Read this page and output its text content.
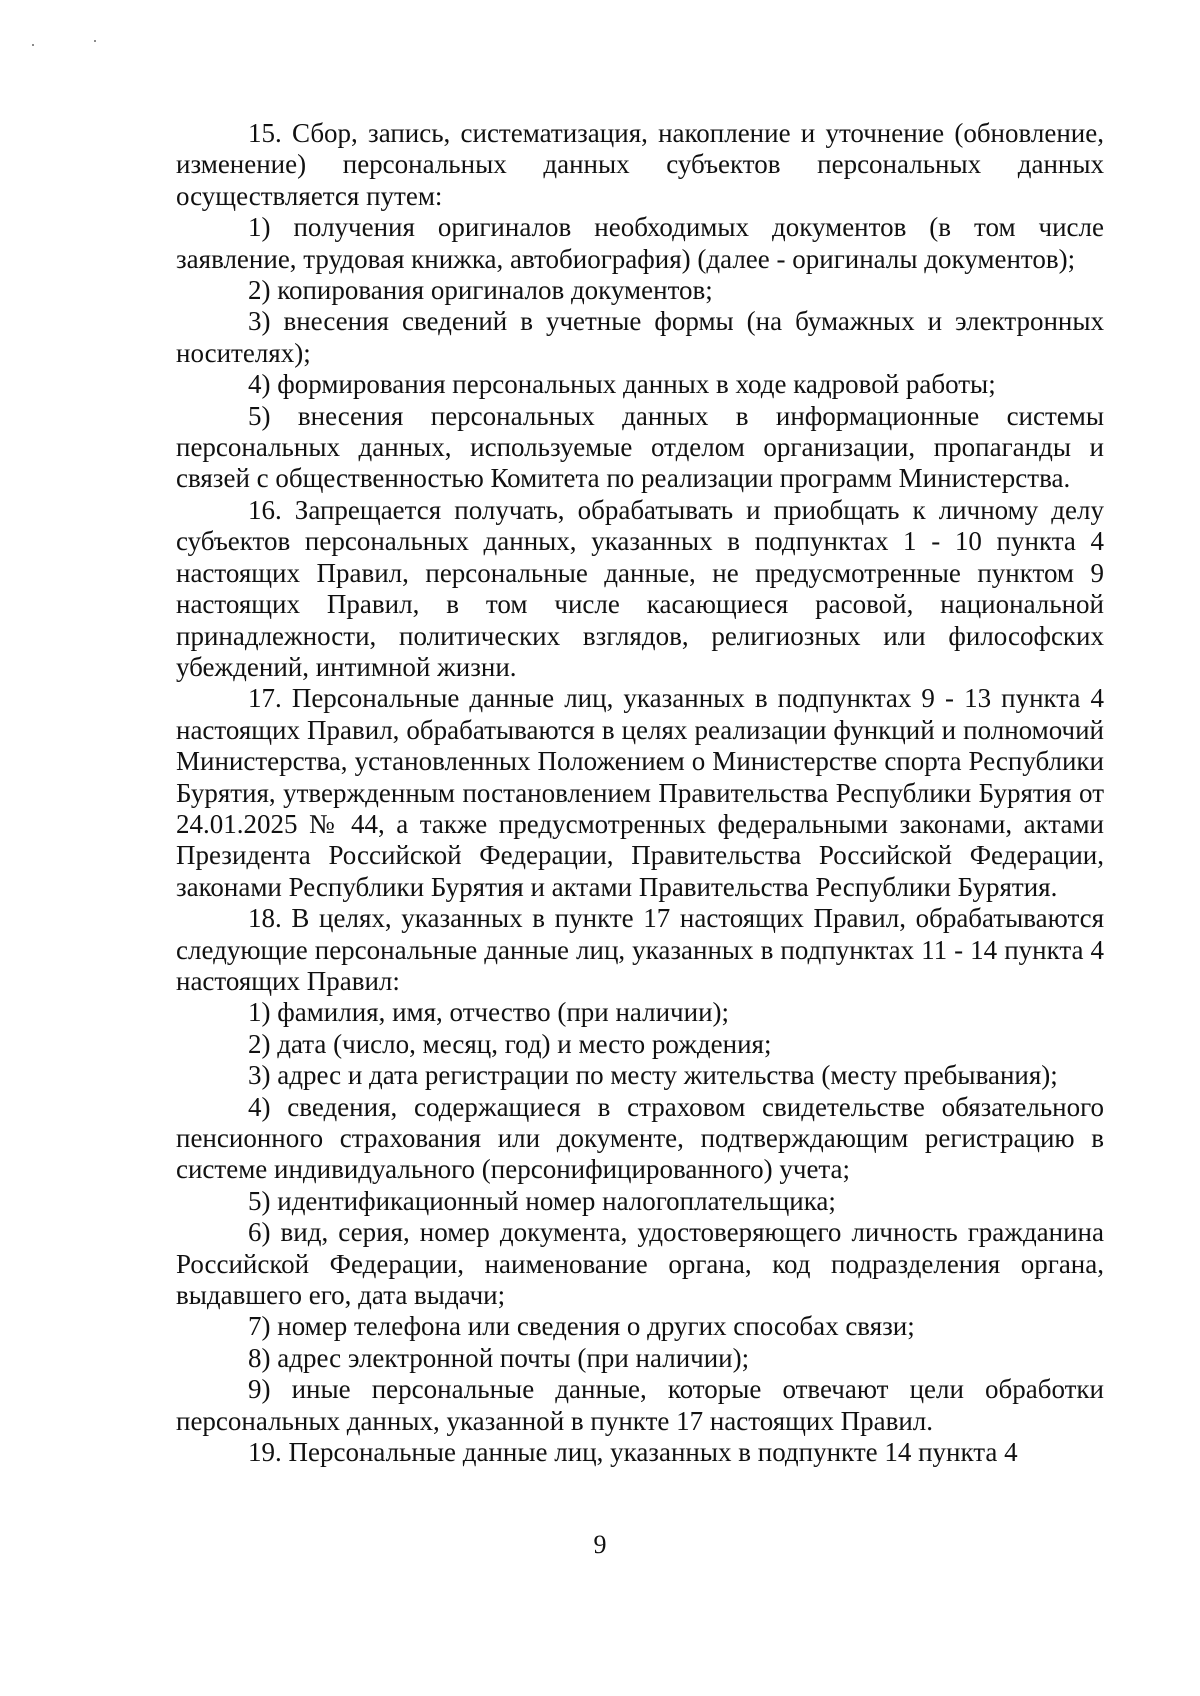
15. Сбор, запись, систематизация, накопление и уточнение (обновление, изменение) персональных данных субъектов персональных данных осуществляется путем:

1) получения оригиналов необходимых документов (в том числе заявление, трудовая книжка, автобиография) (далее - оригиналы документов);

2) копирования оригиналов документов;

3) внесения сведений в учетные формы (на бумажных и электронных носителях);

4) формирования персональных данных в ходе кадровой работы;

5) внесения персональных данных в информационные системы персональных данных, используемые отделом организации, пропаганды и связей с общественностью Комитета по реализации программ Министерства.

16. Запрещается получать, обрабатывать и приобщать к личному делу субъектов персональных данных, указанных в подпунктах 1 - 10 пункта 4 настоящих Правил, персональные данные, не предусмотренные пунктом 9 настоящих Правил, в том числе касающиеся расовой, национальной принадлежности, политических взглядов, религиозных или философских убеждений, интимной жизни.

17. Персональные данные лиц, указанных в подпунктах 9 - 13 пункта 4 настоящих Правил, обрабатываются в целях реализации функций и полномочий Министерства, установленных Положением о Министерстве спорта Республики Бурятия, утвержденным постановлением Правительства Республики Бурятия от 24.01.2025 № 44, а также предусмотренных федеральными законами, актами Президента Российской Федерации, Правительства Российской Федерации, законами Республики Бурятия и актами Правительства Республики Бурятия.

18. В целях, указанных в пункте 17 настоящих Правил, обрабатываются следующие персональные данные лиц, указанных в подпунктах 11 - 14 пункта 4 настоящих Правил:

1) фамилия, имя, отчество (при наличии);

2) дата (число, месяц, год) и место рождения;

3) адрес и дата регистрации по месту жительства (месту пребывания);

4) сведения, содержащиеся в страховом свидетельстве обязательного пенсионного страхования или документе, подтверждающим регистрацию в системе индивидуального (персонифицированного) учета;

5) идентификационный номер налогоплательщика;

6) вид, серия, номер документа, удостоверяющего личность гражданина Российской Федерации, наименование органа, код подразделения органа, выдавшего его, дата выдачи;

7) номер телефона или сведения о других способах связи;

8) адрес электронной почты (при наличии);

9) иные персональные данные, которые отвечают цели обработки персональных данных, указанной в пункте 17 настоящих Правил.

19. Персональные данные лиц, указанных в подпункте 14 пункта 4

9
